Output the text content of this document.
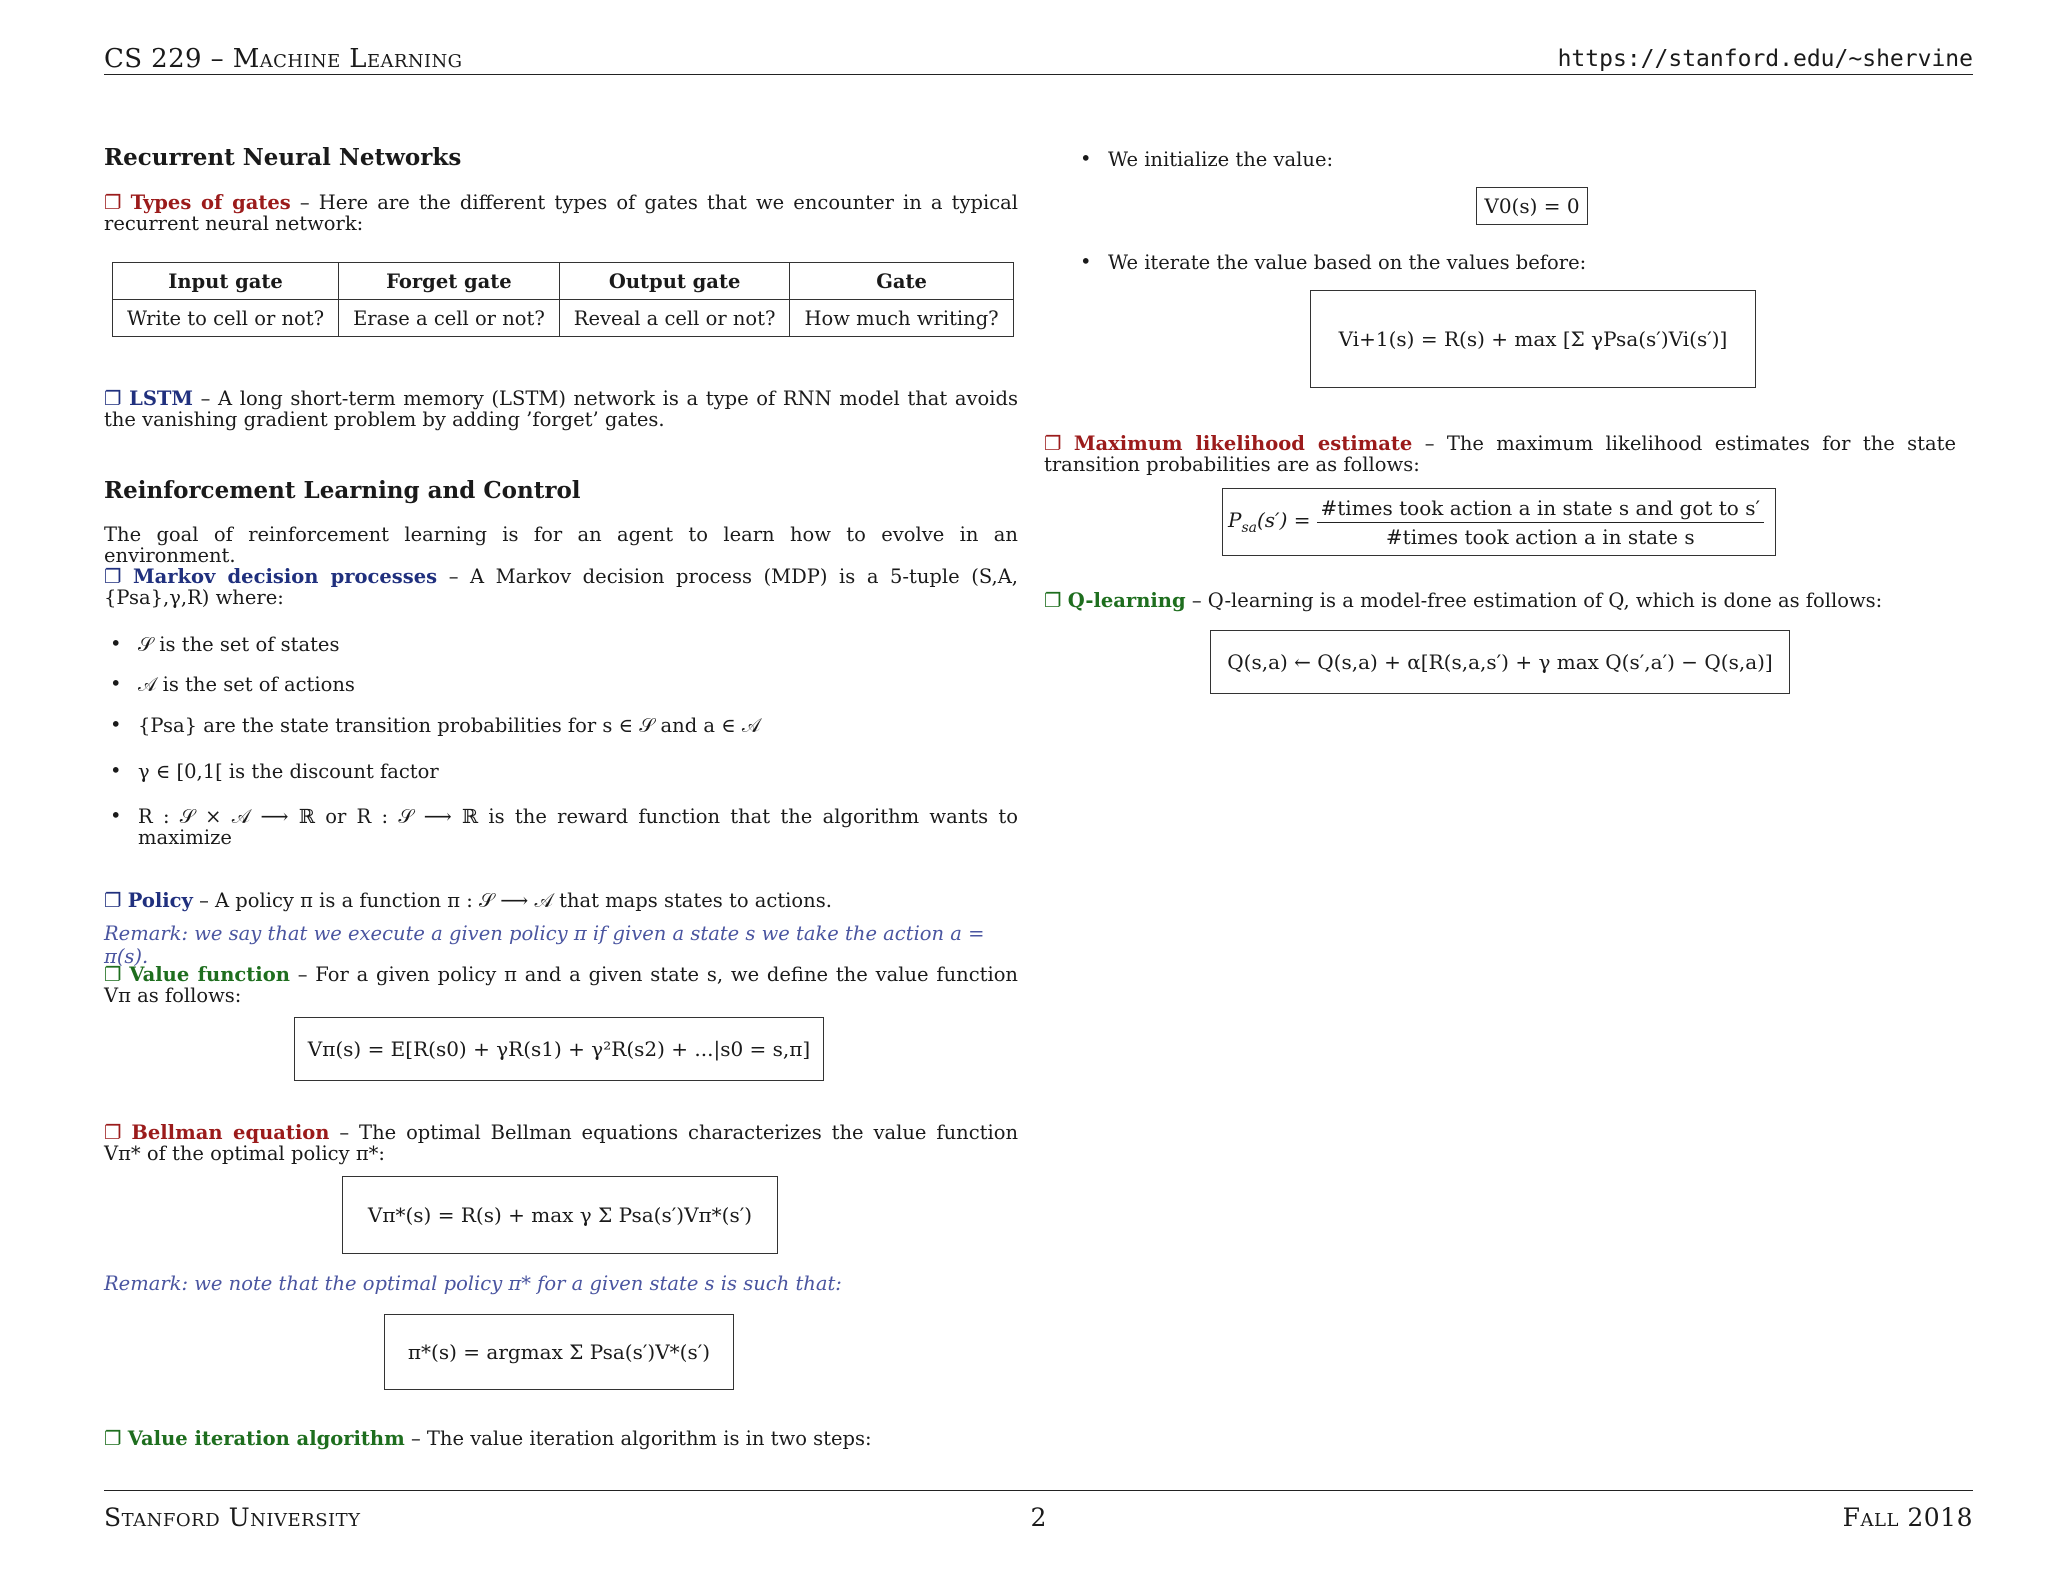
CS 229 – Machine Learning	https://stanford.edu/~shervine
Recurrent Neural Networks
❐ Types of gates – Here are the different types of gates that we encounter in a typical recurrent neural network:
Input gate	Forget gate	Output gate	Gate
Write to cell or not?	Erase a cell or not?	Reveal a cell or not?	How much writing?
❐ LSTM – A long short-term memory (LSTM) network is a type of RNN model that avoids the vanishing gradient problem by adding ’forget’ gates.
Reinforcement Learning and Control
The goal of reinforcement learning is for an agent to learn how to evolve in an environment.
❐ Markov decision processes – A Markov decision process (MDP) is a 5-tuple (S,A,{Psa},γ,R) where:
• 𝒮 is the set of states
• 𝒜 is the set of actions
• {Psa} are the state transition probabilities for s ∈ 𝒮 and a ∈ 𝒜
• γ ∈ [0,1[ is the discount factor
• R : 𝒮 × 𝒜 ⟶ ℝ or R : 𝒮 ⟶ ℝ is the reward function that the algorithm wants to maximize
❐ Policy – A policy π is a function π : 𝒮 ⟶ 𝒜 that maps states to actions.
Remark: we say that we execute a given policy π if given a state s we take the action a = π(s).
❐ Value function – For a given policy π and a given state s, we define the value function Vπ as follows:
Vπ(s) = E[R(s0) + γR(s1) + γ²R(s2) + ...|s0 = s,π]
❐ Bellman equation – The optimal Bellman equations characterizes the value function Vπ* of the optimal policy π*:
Vπ*(s) = R(s) + max γ Σ Psa(s′)Vπ*(s′)
Remark: we note that the optimal policy π* for a given state s is such that:
π*(s) = argmax Σ Psa(s′)V*(s′)
❐ Value iteration algorithm – The value iteration algorithm is in two steps:
• We initialize the value:
V0(s) = 0
• We iterate the value based on the values before:
Vi+1(s) = R(s) + max [Σ γPsa(s′)Vi(s′)]
❐ Maximum likelihood estimate – The maximum likelihood estimates for the state transition probabilities are as follows:
$P_{sa}(s') = \frac{\text{\#times took action a in state s and got to s′}}{\text{\#times took action a in state s}}$
❐ Q-learning – Q-learning is a model-free estimation of Q, which is done as follows:
Q(s,a) ← Q(s,a) + α[R(s,a,s′) + γ max Q(s′,a′) − Q(s,a)]
Stanford University	2	Fall 2018
